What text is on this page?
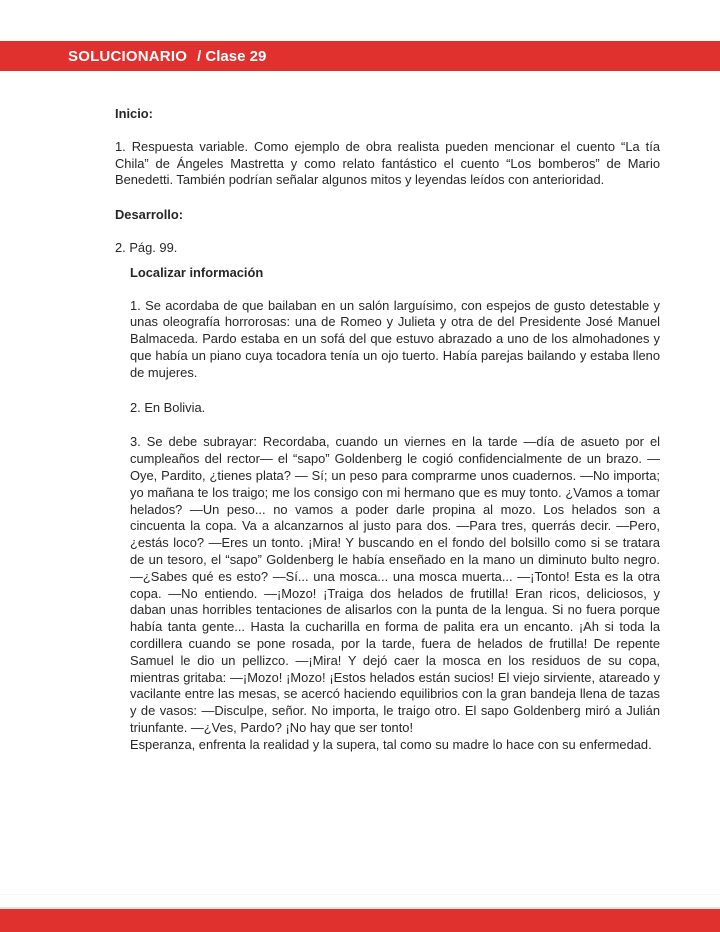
SOLUCIONARIO / Clase 29
Inicio:
1. Respuesta variable. Como ejemplo de obra realista pueden mencionar el cuento “La tía Chila” de Ángeles Mastretta y como relato fantástico el cuento “Los bomberos” de Mario Benedetti. También podrían señalar algunos mitos y leyendas leídos con anterioridad.
Desarrollo:
2. Pág. 99.
Localizar información
1. Se acordaba de que bailaban en un salón larguísimo, con espejos de gusto detestable y unas oleografía horrorosas: una de Romeo y Julieta y otra de del Presidente José Manuel Balmaceda. Pardo estaba en un sofá del que estuvo abrazado a uno de los almohadones y que había un piano cuya tocadora tenía un ojo tuerto. Había parejas bailando y estaba lleno de mujeres.
2. En Bolivia.
3. Se debe subrayar: Recordaba, cuando un viernes en la tarde —día de asueto por el cumpleaños del rector— el “sapo” Goldenberg le cogió confidencialmente de un brazo. — Oye, Pardito, ¿tienes plata? — Sí; un peso para comprarme unos cuadernos. —No importa; yo mañana te los traigo; me los consigo con mi hermano que es muy tonto. ¿Vamos a tomar helados? —Un peso... no vamos a poder darle propina al mozo. Los helados son a cincuenta la copa. Va a alcanzarnos al justo para dos. —Para tres, querrás decir. —Pero, ¿estás loco? —Eres un tonto. ¡Mira! Y buscando en el fondo del bolsillo como si se tratara de un tesoro, el “sapo” Goldenberg le había enseñado en la mano un diminuto bulto negro. —¿Sabes qué es esto? —Sí... una mosca... una mosca muerta... —¡Tonto! Esta es la otra copa. —No entiendo. —¡Mozo! ¡Traiga dos helados de frutilla! Eran ricos, deliciosos, y daban unas horribles tentaciones de alisarlos con la punta de la lengua. Si no fuera porque había tanta gente... Hasta la cucharilla en forma de palita era un encanto. ¡Ah si toda la cordillera cuando se pone rosada, por la tarde, fuera de helados de frutilla! De repente Samuel le dio un pellizco. —¡Mira! Y dejó caer la mosca en los residuos de su copa, mientras gritaba: —¡Mozo! ¡Mozo! ¡Estos helados están sucios! El viejo sirviente, atareado y vacilante entre las mesas, se acercó haciendo equilibrios con la gran bandeja llena de tazas y de vasos: —Disculpe, señor. No importa, le traigo otro. El sapo Goldenberg miró a Julián triunfante. —¿Ves, Pardo? ¡No hay que ser tonto!
Esperanza, enfrenta la realidad y la supera, tal como su madre lo hace con su enfermedad.
